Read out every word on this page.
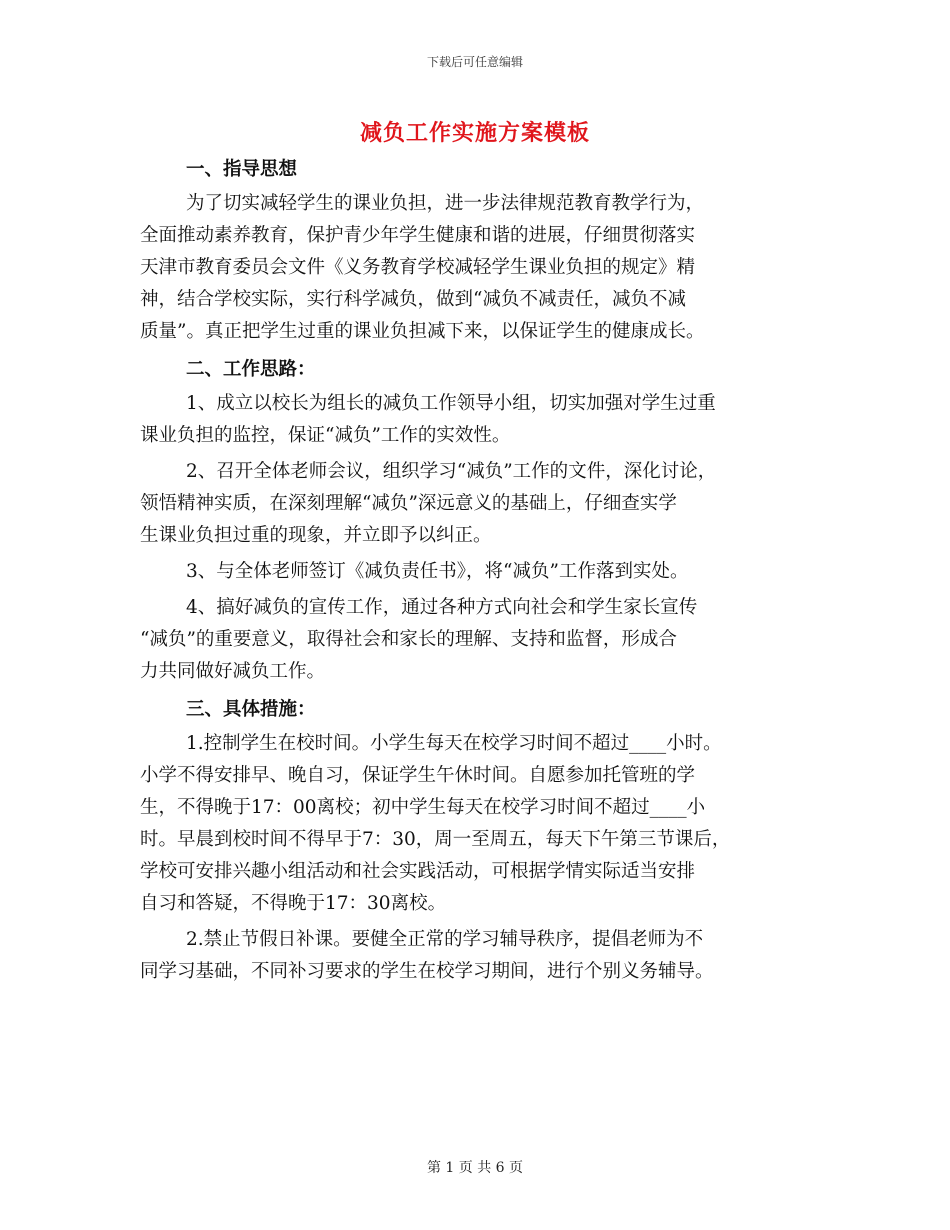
下载后可任意编辑
减负工作实施方案模板

一、指导思想

为了切实减轻学生的课业负担，进一步法律规范教育教学行为，

全面推动素养教育，保护青少年学生健康和谐的进展，仔细贯彻落实

天津市教育委员会文件《义务教育学校减轻学生课业负担的规定》精

神，结合学校实际，实行科学减负，做到“减负不减责任，减负不减

质量”。真正把学生过重的课业负担减下来，以保证学生的健康成长。

二、工作思路：

1、成立以校长为组长的减负工作领导小组，切实加强对学生过重

课业负担的监控，保证“减负”工作的实效性。

2、召开全体老师会议，组织学习“减负”工作的文件，深化讨论，

领悟精神实质，在深刻理解“减负”深远意义的基础上，仔细查实学

生课业负担过重的现象，并立即予以纠正。

3、与全体老师签订《减负责任书》，将“减负”工作落到实处。

4、搞好减负的宣传工作，通过各种方式向社会和学生家长宣传

“减负”的重要意义，取得社会和家长的理解、支持和监督，形成合

力共同做好减负工作。

三、具体措施：

1.控制学生在校时间。小学生每天在校学习时间不超过____小时。

小学不得安排早、晚自习，保证学生午休时间。自愿参加托管班的学

生，不得晚于17：00离校；初中学生每天在校学习时间不超过____小

时。早晨到校时间不得早于7：30，周一至周五，每天下午第三节课后，

学校可安排兴趣小组活动和社会实践活动，可根据学情实际适当安排

自习和答疑，不得晚于17：30离校。

2.禁止节假日补课。要健全正常的学习辅导秩序，提倡老师为不

同学习基础，不同补习要求的学生在校学习期间，进行个别义务辅导。

第 1 页 共 6 页
